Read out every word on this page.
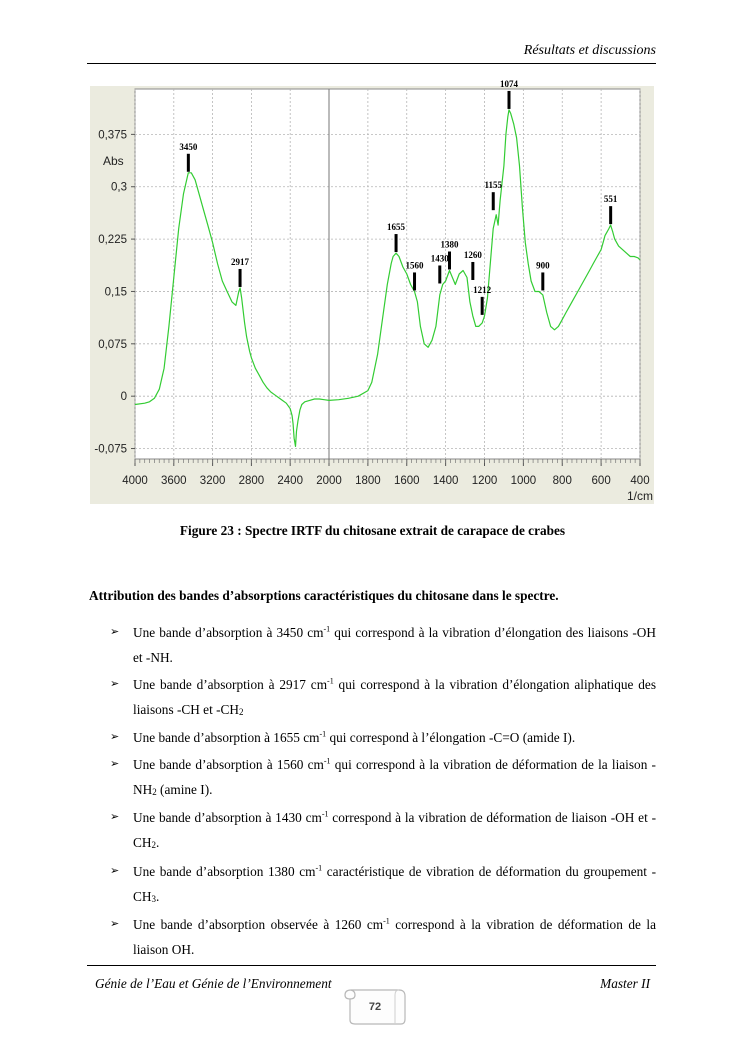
Résultats et discussions
-0,075
0
0,075
0,15
0,225
0,3
0,375
4000 3600 3200 2800 2400 2000 1800 1600 1400 1200 1000 800 600 400
Abs
1/cm
3450
2917
1655
1560
1430
1380
1260
1212
1155
1074
900
551
Figure 23 : Spectre IRTF du chitosane extrait de carapace de crabes
Attribution des bandes d’absorptions caractéristiques du chitosane dans le spectre.
➢ Une bande d’absorption à 3450 $cm^{-1}$ qui correspond à la vibration d’élongation des liaisons -OH et -NH.
➢ Une bande d’absorption à 2917 $cm^{-1}$ qui correspond à la vibration d’élongation aliphatique des liaisons -CH et $-CH_2$
➢ Une bande d’absorption à 1655 $cm^{-1}$ qui correspond à l’élongation -C=O (amide I).
➢ Une bande d’absorption à 1560 $cm^{-1}$ qui correspond à la vibration de déformation de la liaison $-NH_2$ (amine I).
➢ Une bande d’absorption à 1430 $cm^{-1}$ correspond à la vibration de déformation de liaison -OH et $-CH_2$.
➢ Une bande d’absorption 1380 $cm^{-1}$ caractéristique de vibration de déformation du groupement $-CH_3$.
➢ Une bande d’absorption observée à 1260 $cm^{-1}$ correspond à la vibration de déformation de la liaison OH.
Génie de l’Eau et Génie de l’Environnement	Master II
72
